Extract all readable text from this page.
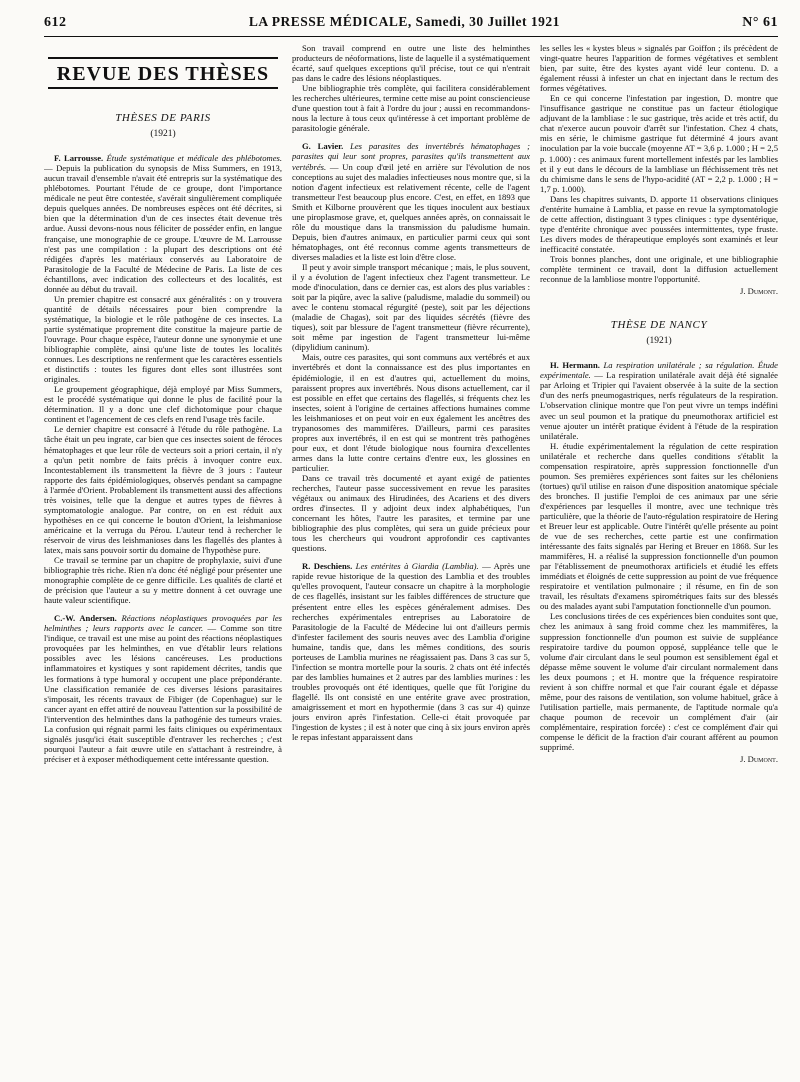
612	LA PRESSE MÉDICALE, Samedi, 30 Juillet 1921	N° 61
REVUE DES THÈSES
THÈSES DE PARIS
(1921)

F. Larrousse. Étude systématique et médicale des phlébotomes. — Depuis la publication du synopsis de Miss Summers, en 1913, aucun travail d'ensemble n'avait été entrepris sur la systématique des phlébotomes. Pourtant l'étude de ce groupe, dont l'importance médicale ne peut être contestée, s'avérait singulièrement compliquée depuis quelques années. De nombreuses espèces ont été décrites, si bien que la détermination d'un de ces insectes était devenue très ardue. Aussi devons-nous nous féliciter de posséder enfin, en langue française, une monographie de ce groupe. L'œuvre de M. Larrousse n'est pas une compilation : la plupart des descriptions ont été rédigées d'après les matériaux conservés au Laboratoire de Parasitologie de la Faculté de Médecine de Paris. La liste de ces échantillons, avec indication des collecteurs et des localités, est donnée au début du travail.

Un premier chapitre est consacré aux généralités : on y trouvera quantité de détails nécessaires pour bien comprendre la systématique, la biologie et le rôle pathogène de ces insectes. La partie systématique proprement dite constitue la majeure partie de l'ouvrage. Pour chaque espèce, l'auteur donne une synonymie et une bibliographie complète, ainsi qu'une liste de toutes les localités connues. Les descriptions ne renferment que les caractères essentiels et distinctifs : toutes les figures dont elles sont illustrées sont originales.

Le groupement géographique, déjà employé par Miss Summers, est le procédé systématique qui donne le plus de facilité pour la détermination. Il y a donc une clef dichotomique pour chaque continent et l'agencement de ces clefs en rend l'usage très facile.

Le dernier chapitre est consacré à l'étude du rôle pathogène. La tâche était un peu ingrate, car bien que ces insectes soient de féroces hématophages et que leur rôle de vecteurs soit a priori certain, il n'y a qu'un petit nombre de faits précis à invoquer contre eux. Incontestablement ils transmettent la fièvre de 3 jours : l'auteur rapporte des faits épidémiologiques, observés pendant sa campagne à l'armée d'Orient. Probablement ils transmettent aussi des affections très voisines, telle que la dengue et autres types de fièvres à symptomatologie analogue. Par contre, on en est réduit aux hypothèses en ce qui concerne le bouton d'Orient, la leishmaniose américaine et la verruga du Pérou. L'auteur tend à rechercher le réservoir de virus des leishmanioses dans les flagellés des plantes à latex, mais sans pouvoir sortir du domaine de l'hypothèse pure.

Ce travail se termine par un chapitre de prophylaxie, suivi d'une bibliographie très riche. Rien n'a donc été négligé pour présenter une monographie complète de ce genre difficile. Les qualités de clarté et de précision que l'auteur a su y mettre donnent à cet ouvrage une haute valeur scientifique.

C.-W. Andersen. Réactions néoplastiques provoquées par les helminthes ; leurs rapports avec le cancer. — Comme son titre l'indique, ce travail est une mise au point des réactions néoplastiques provoquées par les helminthes, en vue d'établir leurs relations possibles avec les lésions cancéreuses. Les productions inflammatoires et kystiques y sont rapidement décrites, tandis que les formations à type humoral y occupent une place prépondérante. Une classification remaniée de ces diverses lésions parasitaires s'imposait, les récents travaux de Fibiger (de Copenhague) sur le cancer ayant en effet attiré de nouveau l'attention sur la possibilité de l'intervention des helminthes dans la pathogénie des tumeurs vraies. La confusion qui régnait parmi les faits cliniques ou expérimentaux signalés jusqu'ici était susceptible d'entraver les recherches ; c'est pourquoi l'auteur a fait œuvre utile en s'attachant à restreindre, à préciser et à exposer méthodiquement cette intéressante question.

Son travail comprend en outre une liste des helminthes producteurs de néoformations, liste de laquelle il a systématiquement écarté, sauf quelques exceptions qu'il précise, tout ce qui n'entrait pas dans le cadre des lésions néoplastiques.

Une bibliographie très complète, qui facilitera considérablement les recherches ultérieures, termine cette mise au point consciencieuse d'une question tout à fait à l'ordre du jour ; aussi en recommandons-nous la lecture à tous ceux qu'intéresse à cet important problème de parasitologie générale.

G. Lavier. Les parasites des invertébrés hématophages ; parasites qui leur sont propres, parasites qu'ils transmettent aux vertébrés. — Un coup d'œil jeté en arrière sur l'évolution de nos conceptions au sujet des maladies infectieuses nous montre que, si la notion d'agent infectieux est relativement récente, celle de l'agent transmetteur l'est beaucoup plus encore. C'est, en effet, en 1893 que Smith et Kilborne prouvèrent que les tiques inoculent aux bestiaux une piroplasmose grave, et, quelques années après, on connaissait le rôle du moustique dans la transmission du paludisme humain. Depuis, bien d'autres animaux, en particulier parmi ceux qui sont hématophages, ont été reconnus comme agents transmetteurs de diverses maladies et la liste est loin d'être close.

Il peut y avoir simple transport mécanique ; mais, le plus souvent, il y a évolution de l'agent infectieux chez l'agent transmetteur. Le mode d'inoculation, dans ce dernier cas, est alors des plus variables : soit par la piqûre, avec la salive (paludisme, maladie du sommeil) ou avec le contenu stomacal régurgité (peste), soit par les déjections (maladie de Chagas), soit par des liquides sécrétés (fièvre des tiques), soit par blessure de l'agent transmetteur (fièvre récurrente), soit même par ingestion de l'agent transmetteur lui-même (dipylidium caninum).

Mais, outre ces parasites, qui sont communs aux vertébrés et aux invertébrés et dont la connaissance est des plus importantes en épidémiologie, il en est d'autres qui, actuellement du moins, paraissent propres aux invertébrés. Nous disons actuellement, car il est possible en effet que certains des flagellés, si fréquents chez les insectes, soient à l'origine de certaines affections humaines comme les leishmanioses et on peut voir en eux également les ancêtres des trypanosomes des mammifères. D'ailleurs, parmi ces parasites propres aux invertébrés, il en est qui se montrent très pathogènes pour eux, et dont l'étude biologique nous fournira d'excellentes armes dans la lutte contre certains d'entre eux, les glossines en particulier.

Dans ce travail très documenté et ayant exigé de patientes recherches, l'auteur passe successivement en revue les parasites végétaux ou animaux des Hirudinées, des Acariens et des divers ordres d'insectes. Il y adjoint deux index alphabétiques, l'un concernant les hôtes, l'autre les parasites, et termine par une bibliographie des plus complètes, qui sera un guide précieux pour tous les chercheurs qui voudront approfondir ces captivantes questions.

R. Deschiens. Les entérites à Giardia (Lamblia). — Après une rapide revue historique de la question des Lamblia et des troubles qu'elles provoquent, l'auteur consacre un chapitre à la morphologie de ces flagellés, insistant sur les faibles différences de structure que présentent entre elles les espèces généralement admises. Des recherches expérimentales entreprises au Laboratoire de Parasitologie de la Faculté de Médecine lui ont d'ailleurs permis d'infester facilement des souris neuves avec des Lamblia d'origine humaine, tandis que, dans les mêmes conditions, des souris porteuses de Lamblia murines ne réagissaient pas. Dans 3 cas sur 5, l'infection se montra mortelle pour la souris. 2 chats ont été infectés par des lamblies humaines et 2 autres par des lamblies murines : les troubles provoqués ont été identiques, quelle que fût l'origine du flagellé. Ils ont consisté en une entérite grave avec prostration, amaigrissement et mort en hypothermie (dans 3 cas sur 4) quinze jours environ après l'infestation. Celle-ci était provoquée par l'ingestion de kystes ; il est à noter que cinq à six jours environ après le repas infestant apparaissent dans

les selles les « kystes bleus » signalés par Goiffon ; ils précèdent de vingt-quatre heures l'apparition de formes végétatives et semblent bien, par suite, être des kystes ayant vidé leur contenu. D. a également réussi à infester un chat en injectant dans le rectum des formes végétatives.

En ce qui concerne l'infestation par ingestion, D. montre que l'insuffisance gastrique ne constitue pas un facteur étiologique adjuvant de la lambliase : le suc gastrique, très acide et très actif, du chat n'exerce aucun pouvoir d'arrêt sur l'infestation. Chez 4 chats, mis en série, le chimisme gastrique fut déterminé 4 jours avant inoculation par la voie buccale (moyenne AT = 3,6 p. 1.000 ; H = 2,5 p. 1.000) : ces animaux furent mortellement infestés par les lamblies et il y eut dans le décours de la lambliase un fléchissement très net du chimisme dans le sens de l'hypo-acidité (AT = 2,2 p. 1.000 ; H = 1,7 p. 1.000).

Dans les chapitres suivants, D. apporte 11 observations cliniques d'entérite humaine à Lamblia, et passe en revue la symptomatologie de cette affection, distinguant 3 types cliniques : type dysentérique, type d'entérite chronique avec poussées intermittentes, type fruste. Les divers modes de thérapeutique employés sont examinés et leur inefficacité constatée.

Trois bonnes planches, dont une originale, et une bibliographie complète terminent ce travail, dont la diffusion actuellement reconnue de la lambliose montre l'opportunité.

J. Dumont.
THÈSE DE NANCY
(1921)

H. Hermann. La respiration unilatérale ; sa régulation. Étude expérimentale. — La respiration unilatérale avait déjà été signalée par Arloing et Tripier qui l'avaient observée à la suite de la section d'un des nerfs pneumogastriques, nerfs régulateurs de la respiration. L'observation clinique montre que l'on peut vivre un temps indéfini avec un seul poumon et la pratique du pneumothorax artificiel est venue ajouter un intérêt pratique évident à l'étude de la respiration unilatérale.

H. étudie expérimentalement la régulation de cette respiration unilatérale et recherche dans quelles conditions s'établit la compensation respiratoire, après suppression fonctionnelle d'un poumon. Ses premières expériences sont faites sur les chéloniens (tortues) qu'il utilise en raison d'une disposition anatomique spéciale des bronches. Il justifie l'emploi de ces animaux par une série d'expériences par lesquelles il montre, avec une technique très particulière, que la théorie de l'auto-régulation respiratoire de Hering et Breuer leur est applicable. Outre l'intérêt qu'elle présente au point de vue de ses recherches, cette partie est une confirmation intéressante des faits signalés par Hering et Breuer en 1868. Sur les mammifères, H. a réalisé la suppression fonctionnelle d'un poumon par l'établissement de pneumothorax artificiels et étudié les effets immédiats et éloignés de cette suppression au point de vue fréquence respiratoire et ventilation pulmonaire ; il résume, en fin de son travail, les résultats d'examens spirométriques faits sur des blessés ou des malades ayant subi l'amputation fonctionnelle d'un poumon.

Les conclusions tirées de ces expériences bien conduites sont que, chez les animaux à sang froid comme chez les mammifères, la suppression fonctionnelle d'un poumon est suivie de suppléance respiratoire tardive du poumon opposé, suppléance telle que le volume d'air circulant dans le seul poumon est sensiblement égal et dépasse même souvent le volume d'air circulant normalement dans les deux poumons ; et H. montre que la fréquence respiratoire revient à son chiffre normal et que l'air courant égale et dépasse même, pour des raisons de ventilation, son volume habituel, grâce à l'utilisation partielle, mais permanente, de l'aptitude normale qu'a chaque poumon de recevoir un complément d'air (air complémentaire, respiration forcée) : c'est ce complément d'air qui compense le déficit de la fraction d'air courant afférent au poumon supprimé.

J. Dumont.
